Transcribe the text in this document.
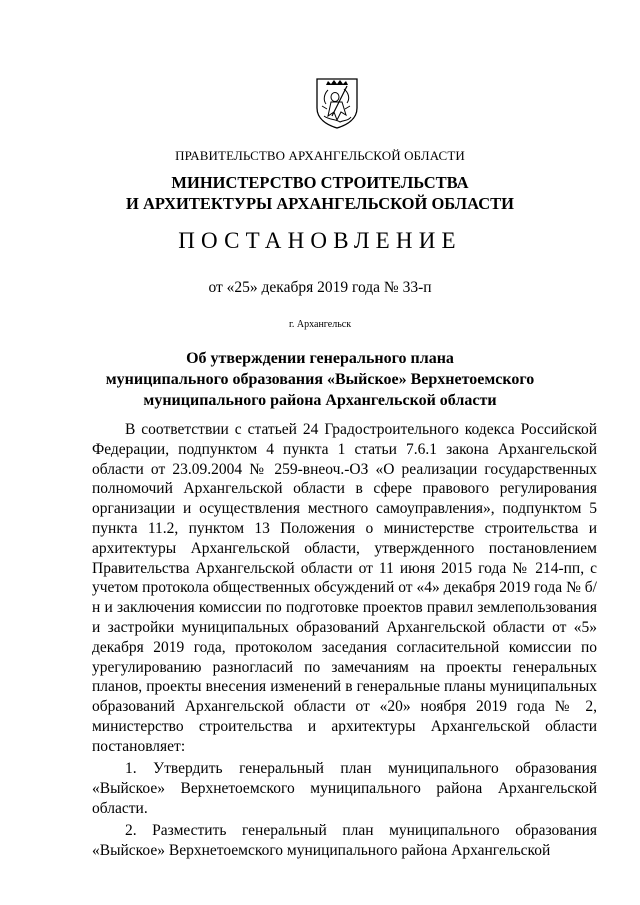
ПРАВИТЕЛЬСТВО АРХАНГЕЛЬСКОЙ ОБЛАСТИ
МИНИСТЕРСТВО СТРОИТЕЛЬСТВА
И АРХИТЕКТУРЫ АРХАНГЕЛЬСКОЙ ОБЛАСТИ
ПОСТАНОВЛЕНИЕ
от «25» декабря 2019 года № 33-п
г. Архангельск
Об утверждении генерального плана
муниципального образования «Выйское» Верхнетоемского
муниципального района Архангельской области

В соответствии с статьей 24 Градостроительного кодекса Российской Федерации, подпунктом 4 пункта 1 статьи 7.6.1 закона Архангельской области от 23.09.2004 № 259-внеоч.-ОЗ «О реализации государственных полномочий Архангельской области в сфере правового регулирования организации и осуществления местного самоуправления», подпунктом 5 пункта 11.2, пунктом 13 Положения о министерстве строительства и архитектуры Архангельской области, утвержденного постановлением Правительства Архангельской области от 11 июня 2015 года № 214-пп, с учетом протокола общественных обсуждений от «4» декабря 2019 года № б/н и заключения комиссии по подготовке проектов правил землепользования и застройки муниципальных образований Архангельской области от «5» декабря 2019 года, протоколом заседания согласительной комиссии по урегулированию разногласий по замечаниям на проекты генеральных планов, проекты внесения изменений в генеральные планы муниципальных образований Архангельской области от «20» ноября 2019 года № 2, министерство строительства и архитектуры Архангельской области постановляет:

1. Утвердить генеральный план муниципального образования «Выйское» Верхнетоемского муниципального района Архангельской области.

2. Разместить генеральный план муниципального образования «Выйское» Верхнетоемского муниципального района Архангельской
